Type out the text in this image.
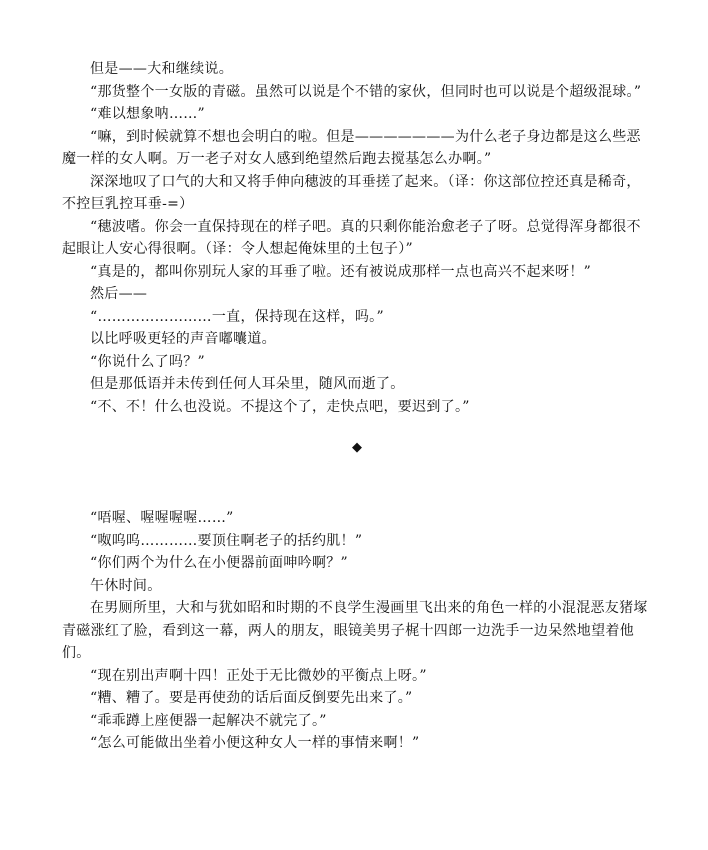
但是——大和继续说。

“那货整个一女版的青磁。虽然可以说是个不错的家伙，但同时也可以说是个超级混球。”

“难以想象呐……”

“嘛，到时候就算不想也会明白的啦。但是———————为什么老子身边都是这么些恶魔一样的女人啊。万一老子对女人感到绝望然后跑去搅基怎么办啊。”

深深地叹了口气的大和又将手伸向穗波的耳垂搓了起来。（译：你这部位控还真是稀奇，不控巨乳控耳垂-=）

“穗波嗜。你会一直保持现在的样子吧。真的只剩你能治愈老子了呀。总觉得浑身都很不起眼让人安心得很啊。（译：令人想起俺妹里的土包子）”

“真是的，都叫你别玩人家的耳垂了啦。还有被说成那样一点也高兴不起来呀！”

然后——

“……………………一直，保持现在这样，吗。”

以比呼吸更轻的声音嘟囔道。

“你说什么了吗？”

但是那低语并未传到任何人耳朵里，随风而逝了。

“不、不！什么也没说。不提这个了，走快点吧，要迟到了。”

◆

“唔喔、喔喔喔喔……”

“呶呜呜…………要顶住啊老子的括约肌！”

“你们两个为什么在小便器前面呻吟啊？”

午休时间。

在男厕所里，大和与犹如昭和时期的不良学生漫画里飞出来的角色一样的小混混恶友猪塚青磁涨红了脸，看到这一幕，两人的朋友，眼镜美男子梶十四郎一边洗手一边呆然地望着他们。

“现在别出声啊十四！正处于无比微妙的平衡点上呀。”

“糟、糟了。要是再使劲的话后面反倒要先出来了。”

“乖乖蹲上座便器一起解决不就完了。”

“怎么可能做出坐着小便这种女人一样的事情来啊！”
